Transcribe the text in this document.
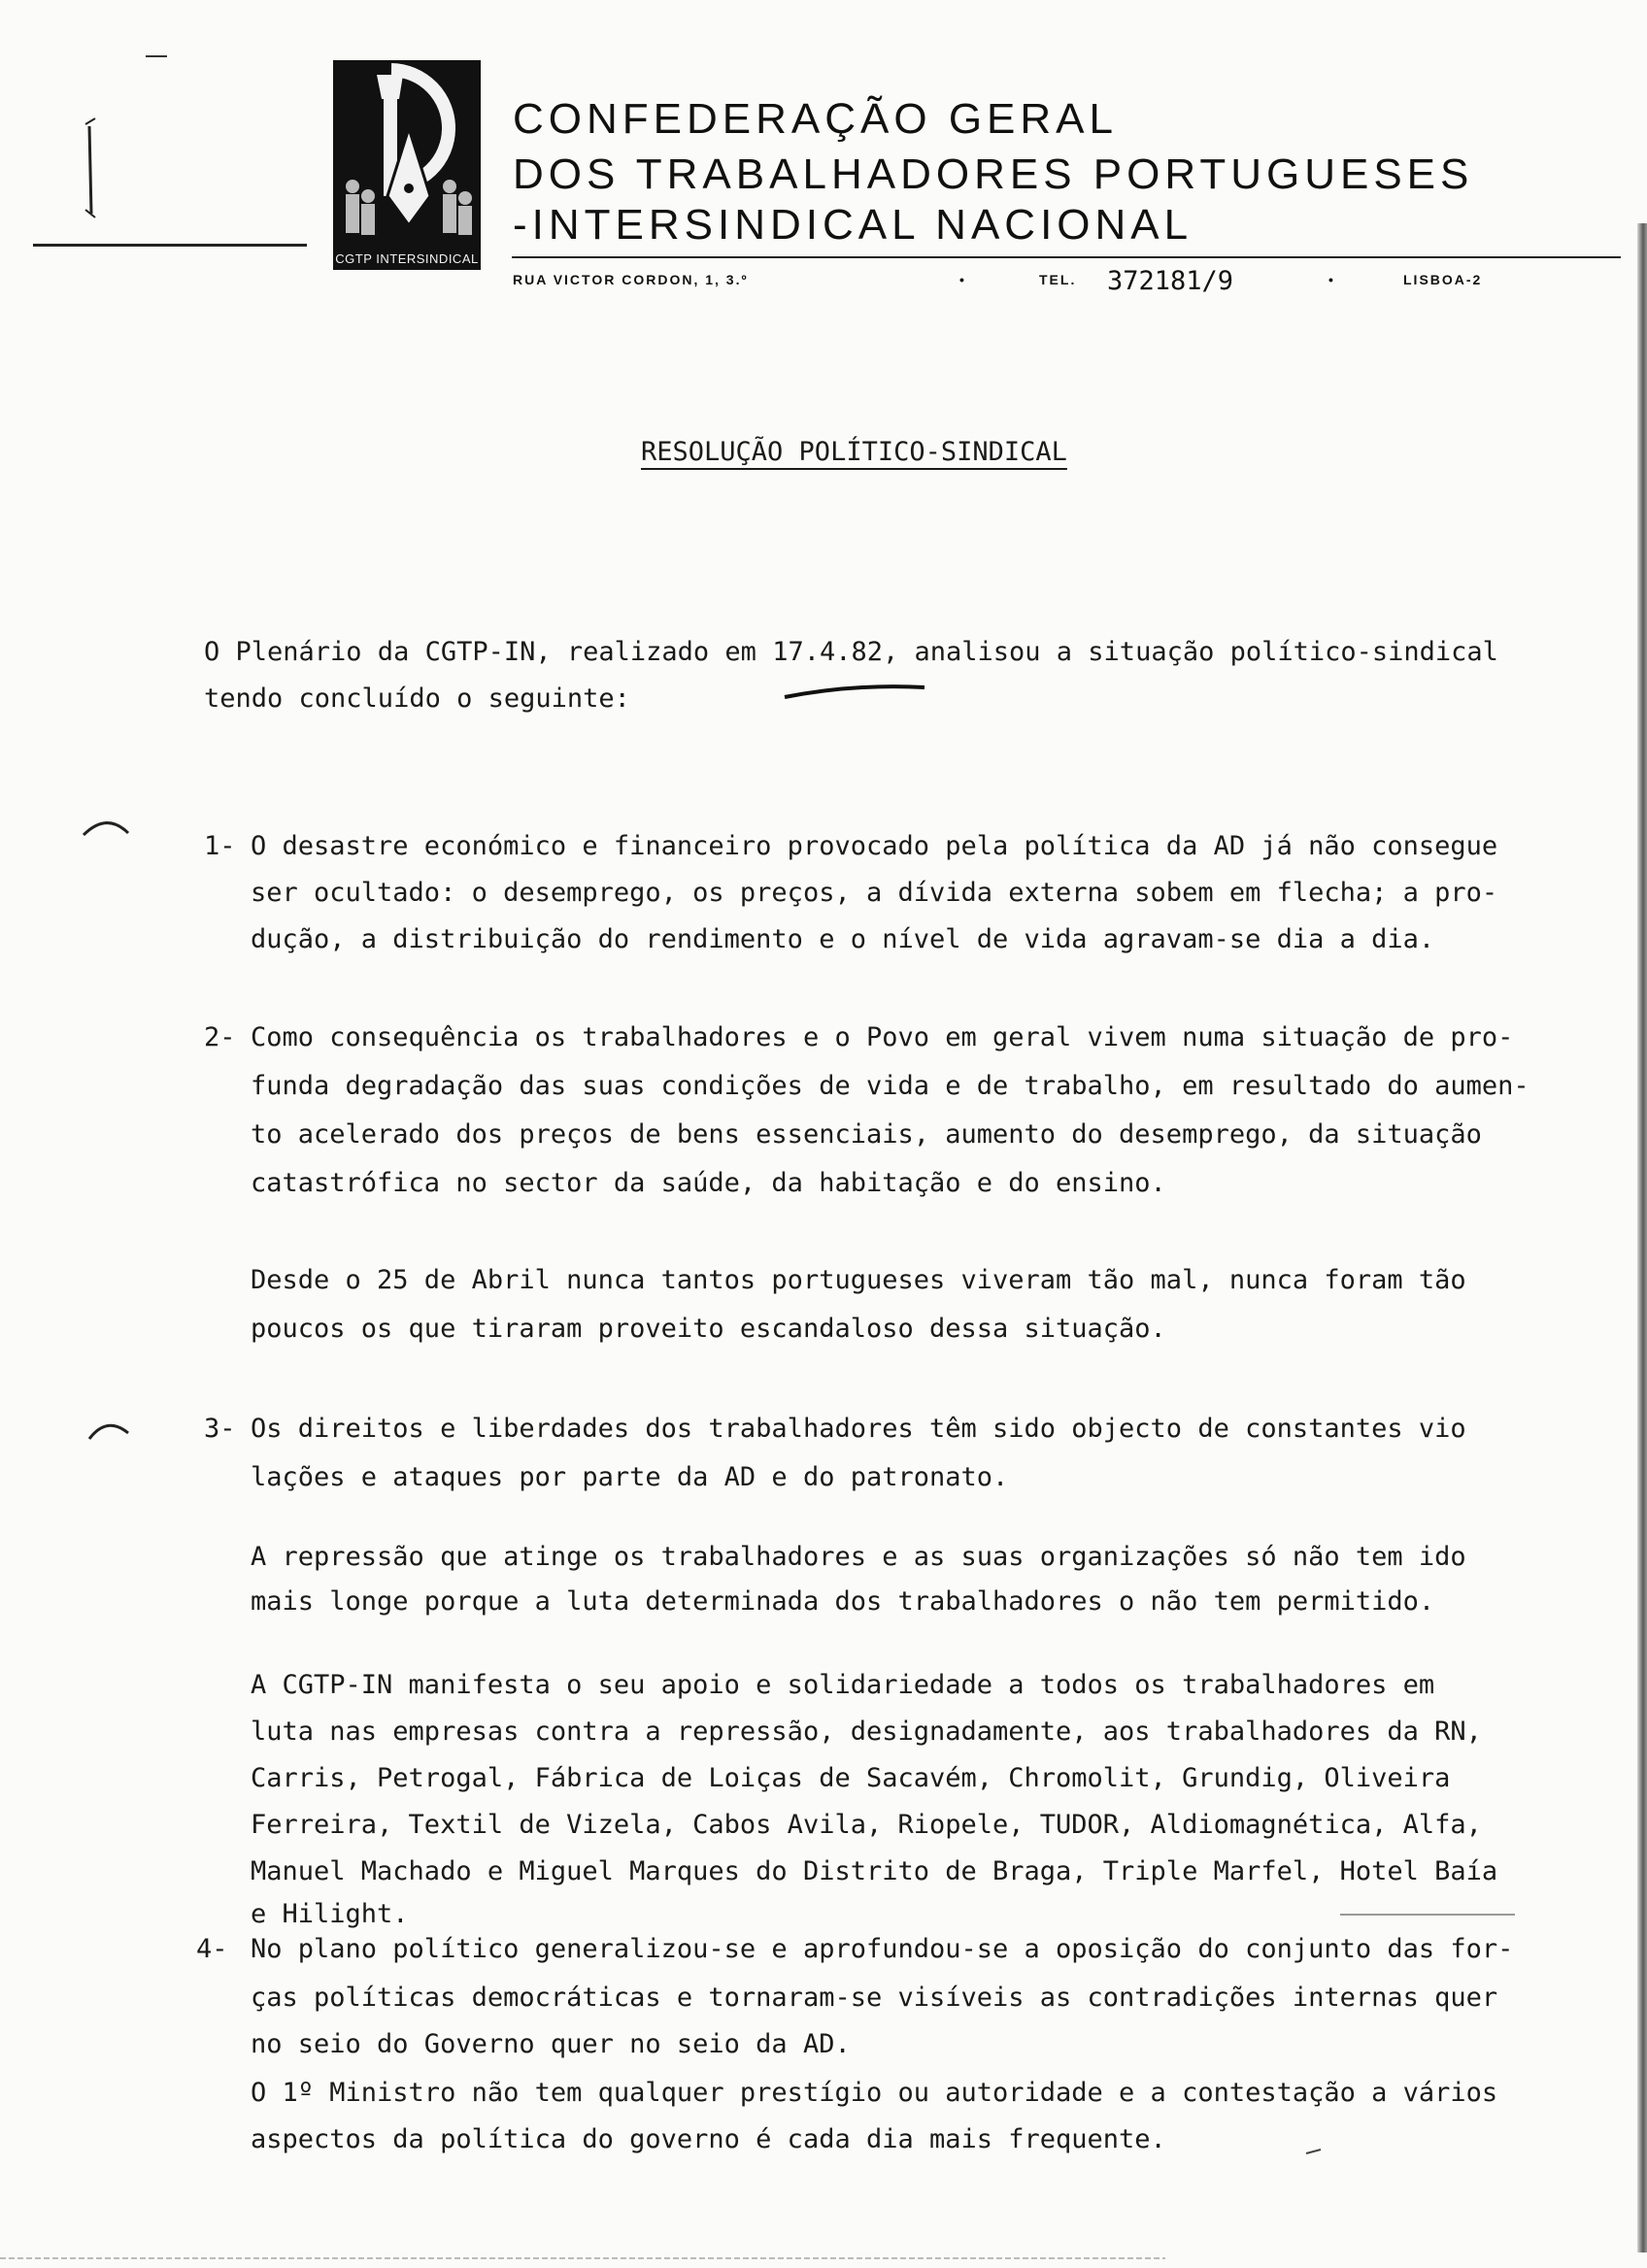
CGTP INTERSINDICAL
CONFEDERAÇÃO GERAL
DOS TRABALHADORES PORTUGUESES
-INTERSINDICAL NACIONAL
RUA VICTOR CORDON, 1, 3.º	•	TEL. 372181/9	•	LISBOA-2
RESOLUÇÃO POLÍTICO-SINDICAL
O Plenário da CGTP-IN, realizado em 17.4.82, analisou a situação político-sindical
tendo concluído o seguinte:
1- O desastre económico e financeiro provocado pela política da AD já não consegue
ser ocultado: o desemprego, os preços, a dívida externa sobem em flecha; a pro-
dução, a distribuição do rendimento e o nível de vida agravam-se dia a dia.
2- Como consequência os trabalhadores e o Povo em geral vivem numa situação de pro-
funda degradação das suas condições de vida e de trabalho, em resultado do aumen-
to acelerado dos preços de bens essenciais, aumento do desemprego, da situação
catastrófica no sector da saúde, da habitação e do ensino.
Desde o 25 de Abril nunca tantos portugueses viveram tão mal, nunca foram tão
poucos os que tiraram proveito escandaloso dessa situação.
3- Os direitos e liberdades dos trabalhadores têm sido objecto de constantes vio
lações e ataques por parte da AD e do patronato.
A repressão que atinge os trabalhadores e as suas organizações só não tem ido
mais longe porque a luta determinada dos trabalhadores o não tem permitido.
A CGTP-IN manifesta o seu apoio e solidariedade a todos os trabalhadores em
luta nas empresas contra a repressão, designadamente, aos trabalhadores da RN,
Carris, Petrogal, Fábrica de Loiças de Sacavém, Chromolit, Grundig, Oliveira
Ferreira, Textil de Vizela, Cabos Avila, Riopele, TUDOR, Aldiomagnética, Alfa,
Manuel Machado e Miguel Marques do Distrito de Braga, Triple Marfel, Hotel Baía
e Hilight.
4- No plano político generalizou-se e aprofundou-se a oposição do conjunto das for-
ças políticas democráticas e tornaram-se visíveis as contradições internas quer
no seio do Governo quer no seio da AD.
O 1º Ministro não tem qualquer prestígio ou autoridade e a contestação a vários
aspectos da política do governo é cada dia mais frequente.
